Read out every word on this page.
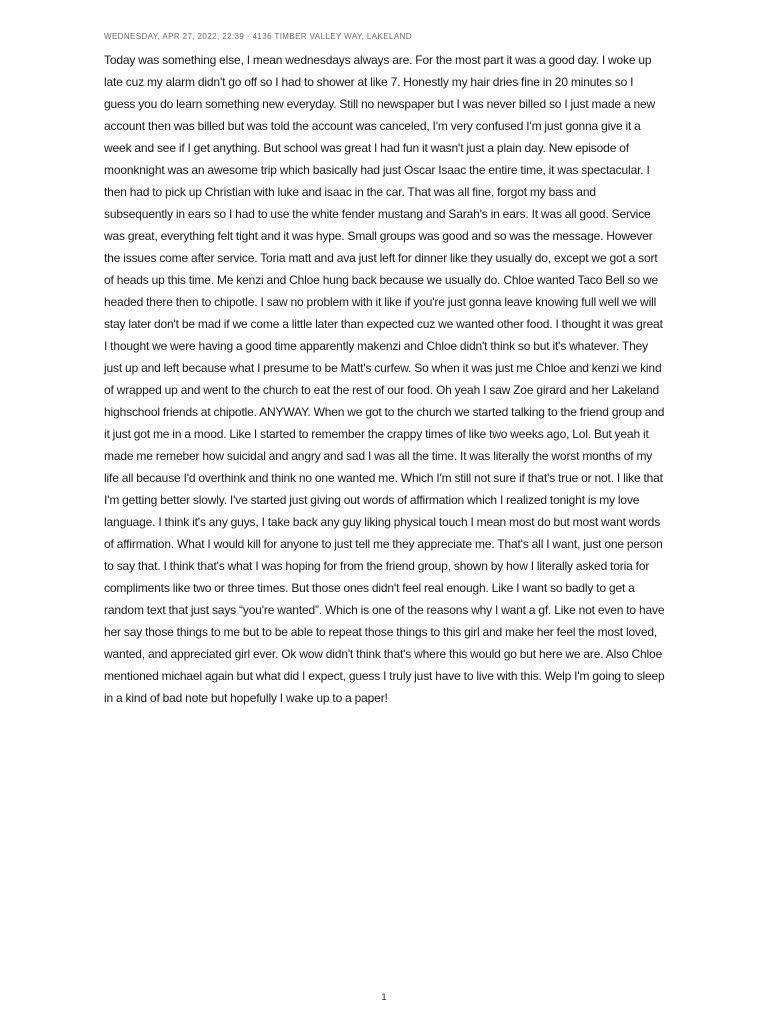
WEDNESDAY, APR 27, 2022, 22:39 · 4136 TIMBER VALLEY WAY, LAKELAND

Today was something else, I mean wednesdays always are. For the most part it was a good day. I woke up late cuz my alarm didn't go off so I had to shower at like 7. Honestly my hair dries fine in 20 minutes so I guess you do learn something new everyday. Still no newspaper but I was never billed so I just made a new account then was billed but was told the account was canceled, I'm very confused I'm just gonna give it a week and see if I get anything. But school was great I had fun it wasn't just a plain day. New episode of moonknight was an awesome trip which basically had just Oscar Isaac the entire time, it was spectacular. I then had to pick up Christian with luke and isaac in the car. That was all fine, forgot my bass and subsequently in ears so I had to use the white fender mustang and Sarah's in ears. It was all good. Service was great, everything felt tight and it was hype. Small groups was good and so was the message. However the issues come after service. Toria matt and ava just left for dinner like they usually do, except we got a sort of heads up this time. Me kenzi and Chloe hung back because we usually do. Chloe wanted Taco Bell so we headed there then to chipotle. I saw no problem with it like if you're just gonna leave knowing full well we will stay later don't be mad if we come a little later than expected cuz we wanted other food. I thought it was great I thought we were having a good time apparently makenzi and Chloe didn't think so but it's whatever. They just up and left because what I presume to be Matt's curfew. So when it was just me Chloe and kenzi we kind of wrapped up and went to the church to eat the rest of our food. Oh yeah I saw Zoe girard and her Lakeland highschool friends at chipotle. ANYWAY. When we got to the church we started talking to the friend group and it just got me in a mood. Like I started to remember the crappy times of like two weeks ago, Lol. But yeah it made me remeber how suicidal and angry and sad I was all the time. It was literally the worst months of my life all because I'd overthink and think no one wanted me. Which I'm still not sure if that's true or not. I like that I'm getting better slowly. I've started just giving out words of affirmation which I realized tonight is my love language. I think it's any guys, I take back any guy liking physical touch I mean most do but most want words of affirmation. What I would kill for anyone to just tell me they appreciate me. That's all I want, just one person to say that. I think that's what I was hoping for from the friend group, shown by how I literally asked toria for compliments like two or three times. But those ones didn't feel real enough. Like I want so badly to get a random text that just says “you're wanted”. Which is one of the reasons why I want a gf. Like not even to have her say those things to me but to be able to repeat those things to this girl and make her feel the most loved, wanted, and appreciated girl ever. Ok wow didn't think that's where this would go but here we are. Also Chloe mentioned michael again but what did I expect, guess I truly just have to live with this. Welp I'm going to sleep in a kind of bad note but hopefully I wake up to a paper!

1
